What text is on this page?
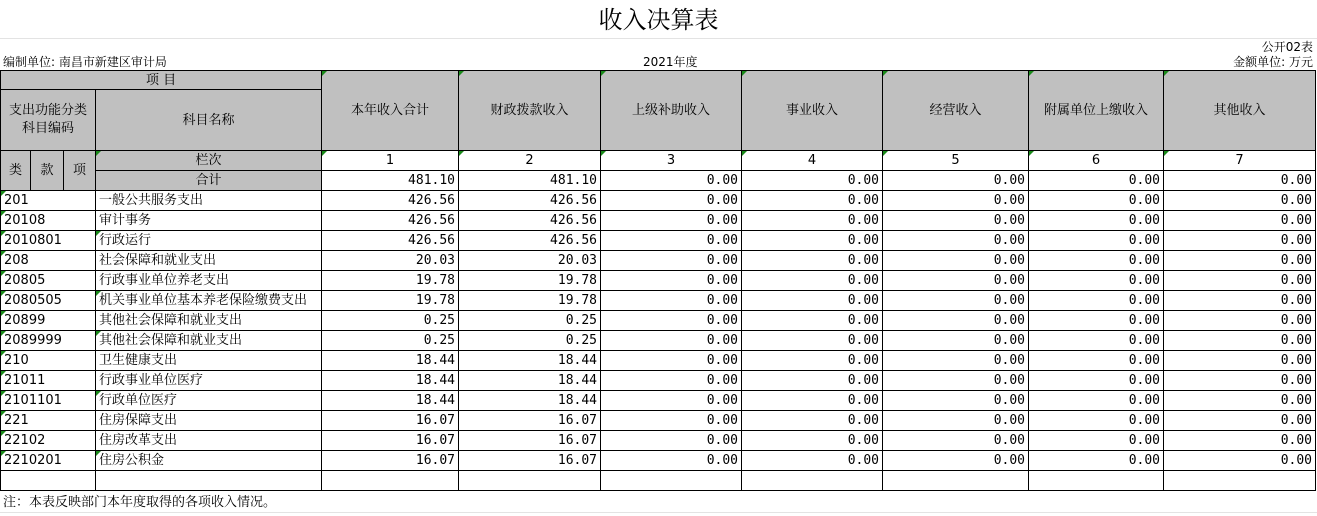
收入决算表
公开02表
编制单位: 南昌市新建区审计局	2021年度	金额单位: 万元
项 目				本年收入合计	财政拨款收入	上级补助收入	事业收入	经营收入	附属单位上缴收入	其他收入
支出功能分类科目编码			科目名称							
类	款	项	栏次	1	2	3	4	5	6	7
			合计	481.10	481.10	0.00	0.00	0.00	0.00	0.00
201			一般公共服务支出	426.56	426.56	0.00	0.00	0.00	0.00	0.00
20108			审计事务	426.56	426.56	0.00	0.00	0.00	0.00	0.00
2010801			行政运行	426.56	426.56	0.00	0.00	0.00	0.00	0.00
208			社会保障和就业支出	20.03	20.03	0.00	0.00	0.00	0.00	0.00
20805			行政事业单位养老支出	19.78	19.78	0.00	0.00	0.00	0.00	0.00
2080505			机关事业单位基本养老保险缴费支出	19.78	19.78	0.00	0.00	0.00	0.00	0.00
20899			其他社会保障和就业支出	0.25	0.25	0.00	0.00	0.00	0.00	0.00
2089999			其他社会保障和就业支出	0.25	0.25	0.00	0.00	0.00	0.00	0.00
210			卫生健康支出	18.44	18.44	0.00	0.00	0.00	0.00	0.00
21011			行政事业单位医疗	18.44	18.44	0.00	0.00	0.00	0.00	0.00
2101101			行政单位医疗	18.44	18.44	0.00	0.00	0.00	0.00	0.00
221			住房保障支出	16.07	16.07	0.00	0.00	0.00	0.00	0.00
22102			住房改革支出	16.07	16.07	0.00	0.00	0.00	0.00	0.00
2210201			住房公积金	16.07	16.07	0.00	0.00	0.00	0.00	0.00

注：本表反映部门本年度取得的各项收入情况。
